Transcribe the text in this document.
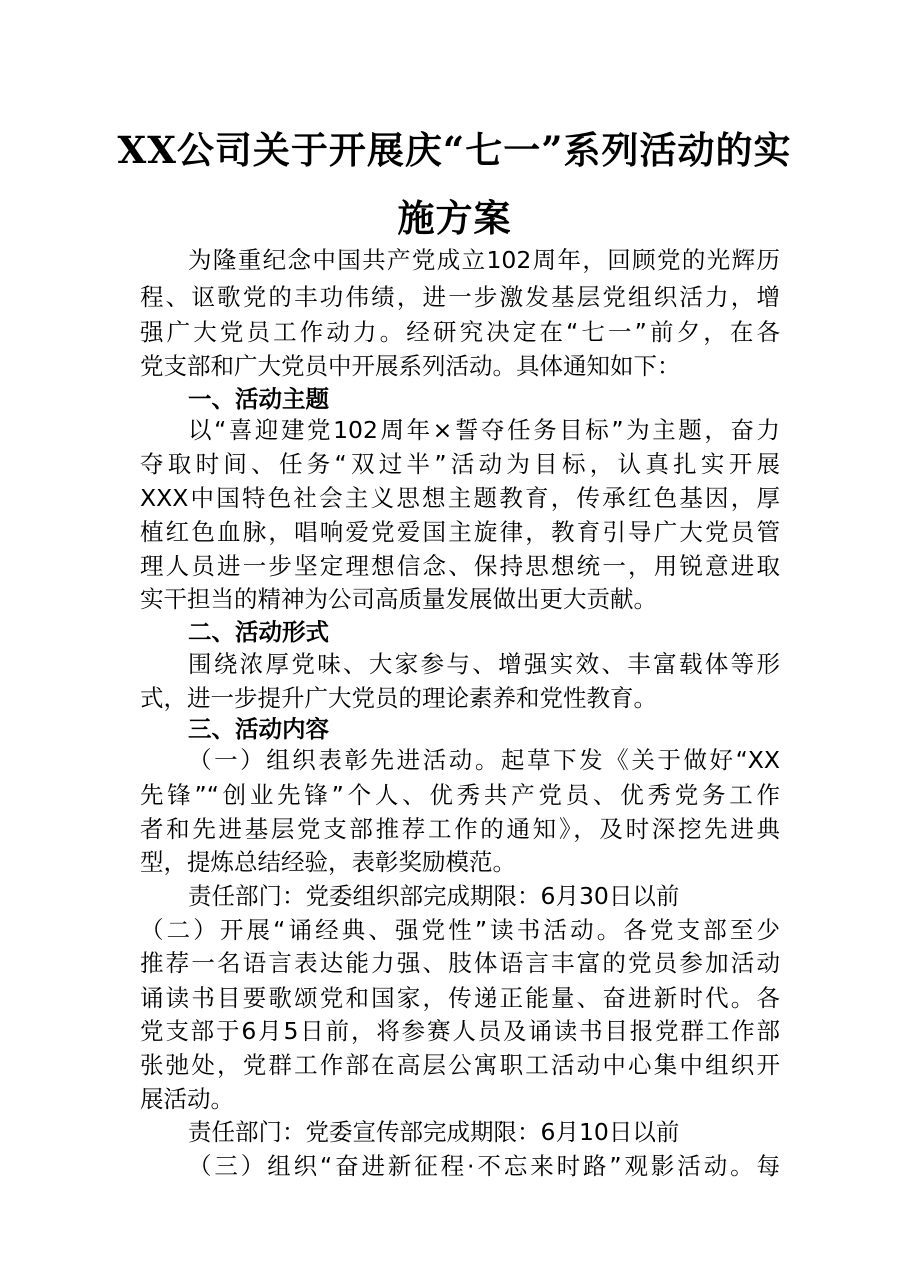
XX公司关于开展庆“七一”系列活动的实
施方案
为隆重纪念中国共产党成立102周年，回顾党的光辉历
程、讴歌党的丰功伟绩，进一步激发基层党组织活力，增
强广大党员工作动力。经研究决定在“七一”前夕，在各
党支部和广大党员中开展系列活动。具体通知如下：
一、活动主题
以“喜迎建党102周年×誓夺任务目标”为主题，奋力
夺取时间、任务“双过半”活动为目标，认真扎实开展
XXX中国特色社会主义思想主题教育，传承红色基因，厚
植红色血脉，唱响爱党爱国主旋律，教育引导广大党员管
理人员进一步坚定理想信念、保持思想统一，用锐意进取
实干担当的精神为公司高质量发展做出更大贡献。
二、活动形式
围绕浓厚党味、大家参与、增强实效、丰富载体等形
式，进一步提升广大党员的理论素养和党性教育。
三、活动内容
（一）组织表彰先进活动。起草下发《关于做好“XX
先锋”“创业先锋”个人、优秀共产党员、优秀党务工作
者和先进基层党支部推荐工作的通知》，及时深挖先进典
型，提炼总结经验，表彰奖励模范。
责任部门：党委组织部完成期限：6月30日以前
（二）开展“诵经典、强党性”读书活动。各党支部至少
推荐一名语言表达能力强、肢体语言丰富的党员参加活动
诵读书目要歌颂党和国家，传递正能量、奋进新时代。各
党支部于6月5日前，将参赛人员及诵读书目报党群工作部
张弛处，党群工作部在高层公寓职工活动中心集中组织开
展活动。
责任部门：党委宣传部完成期限：6月10日以前
（三）组织“奋进新征程·不忘来时路”观影活动。每
